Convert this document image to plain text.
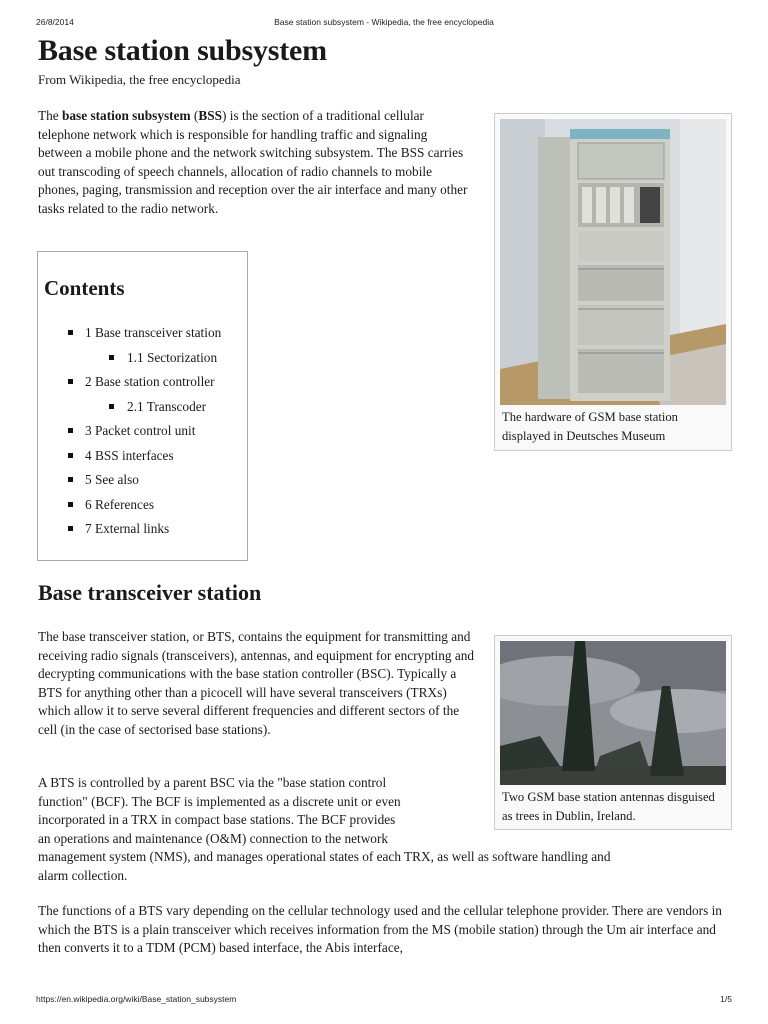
26/8/2014	Base station subsystem - Wikipedia, the free encyclopedia
Base station subsystem
From Wikipedia, the free encyclopedia

The base station subsystem (BSS) is the section of a traditional cellular telephone network which is responsible for handling traffic and signaling between a mobile phone and the network switching subsystem. The BSS carries out transcoding of speech channels, allocation of radio channels to mobile phones, paging, transmission and reception over the air interface and many other tasks related to the radio network.

Contents
1 Base transceiver station
1.1 Sectorization
2 Base station controller
2.1 Transcoder
3 Packet control unit
4 BSS interfaces
5 See also
6 References
7 External links
The hardware of GSM base station displayed in Deutsches Museum
Base transceiver station

The base transceiver station, or BTS, contains the equipment for transmitting and receiving radio signals (transceivers), antennas, and equipment for encrypting and decrypting communications with the base station controller (BSC). Typically a BTS for anything other than a picocell will have several transceivers (TRXs) which allow it to serve several different frequencies and different sectors of the cell (in the case of sectorised base stations).

Two GSM base station antennas disguised as trees in Dublin, Ireland.

A BTS is controlled by a parent BSC via the "base station control
function" (BCF). The BCF is implemented as a discrete unit or even
incorporated in a TRX in compact base stations. The BCF provides
an operations and maintenance (O&M) connection to the network
management system (NMS), and manages operational states of each TRX, as well as software handling and
alarm collection.

The functions of a BTS vary depending on the cellular technology used and the cellular telephone provider. There are vendors in which the BTS is a plain transceiver which receives information from the MS (mobile station) through the Um air interface and then converts it to a TDM (PCM) based interface, the Abis interface,

https://en.wikipedia.org/wiki/Base_station_subsystem	1/5
